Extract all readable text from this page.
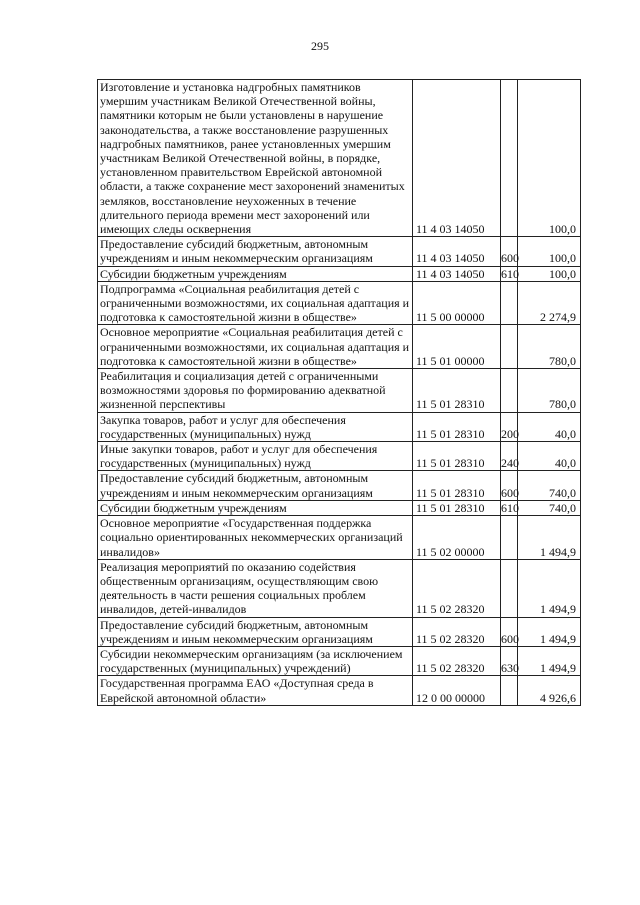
295
Изготовление и установка надгробных памятников умершим участникам Великой Отечественной войны, памятники которым не были установлены в нарушение законодательства, а также восстановление разрушенных надгробных памятников, ранее установленных умершим участникам Великой Отечественной войны, в порядке, установленном правительством Еврейской автономной области, а также сохранение мест захоронений знаменитых земляков, восстановление неухоженных в течение длительного периода времени мест захоронений или имеющих следы осквернения	11 4 03 14050		100,0
Предоставление субсидий бюджетным, автономным учреждениям и иным некоммерческим организациям	11 4 03 14050	600	100,0
Субсидии бюджетным учреждениям	11 4 03 14050	610	100,0
Подпрограмма «Социальная реабилитация детей с ограниченными возможностями, их социальная адаптация и подготовка к самостоятельной жизни в обществе»	11 5 00 00000		2 274,9
Основное мероприятие «Социальная реабилитация детей с ограниченными возможностями, их социальная адаптация и подготовка к самостоятельной жизни в обществе»	11 5 01 00000		780,0
Реабилитация и социализация детей с ограниченными возможностями здоровья по формированию адекватной жизненной перспективы	11 5 01 28310		780,0
Закупка товаров, работ и услуг для обеспечения государственных (муниципальных) нужд	11 5 01 28310	200	40,0
Иные закупки товаров, работ и услуг для обеспечения государственных (муниципальных) нужд	11 5 01 28310	240	40,0
Предоставление субсидий бюджетным, автономным учреждениям и иным некоммерческим организациям	11 5 01 28310	600	740,0
Субсидии бюджетным учреждениям	11 5 01 28310	610	740,0
Основное мероприятие «Государственная поддержка социально ориентированных некоммерческих организаций инвалидов»	11 5 02 00000		1 494,9
Реализация мероприятий по оказанию содействия общественным организациям, осуществляющим свою деятельность в части решения социальных проблем инвалидов, детей-инвалидов	11 5 02 28320		1 494,9
Предоставление субсидий бюджетным, автономным учреждениям и иным некоммерческим организациям	11 5 02 28320	600	1 494,9
Субсидии некоммерческим организациям (за исключением государственных (муниципальных) учреждений)	11 5 02 28320	630	1 494,9
Государственная программа ЕАО «Доступная среда в Еврейской автономной области»	12 0 00 00000		4 926,6
